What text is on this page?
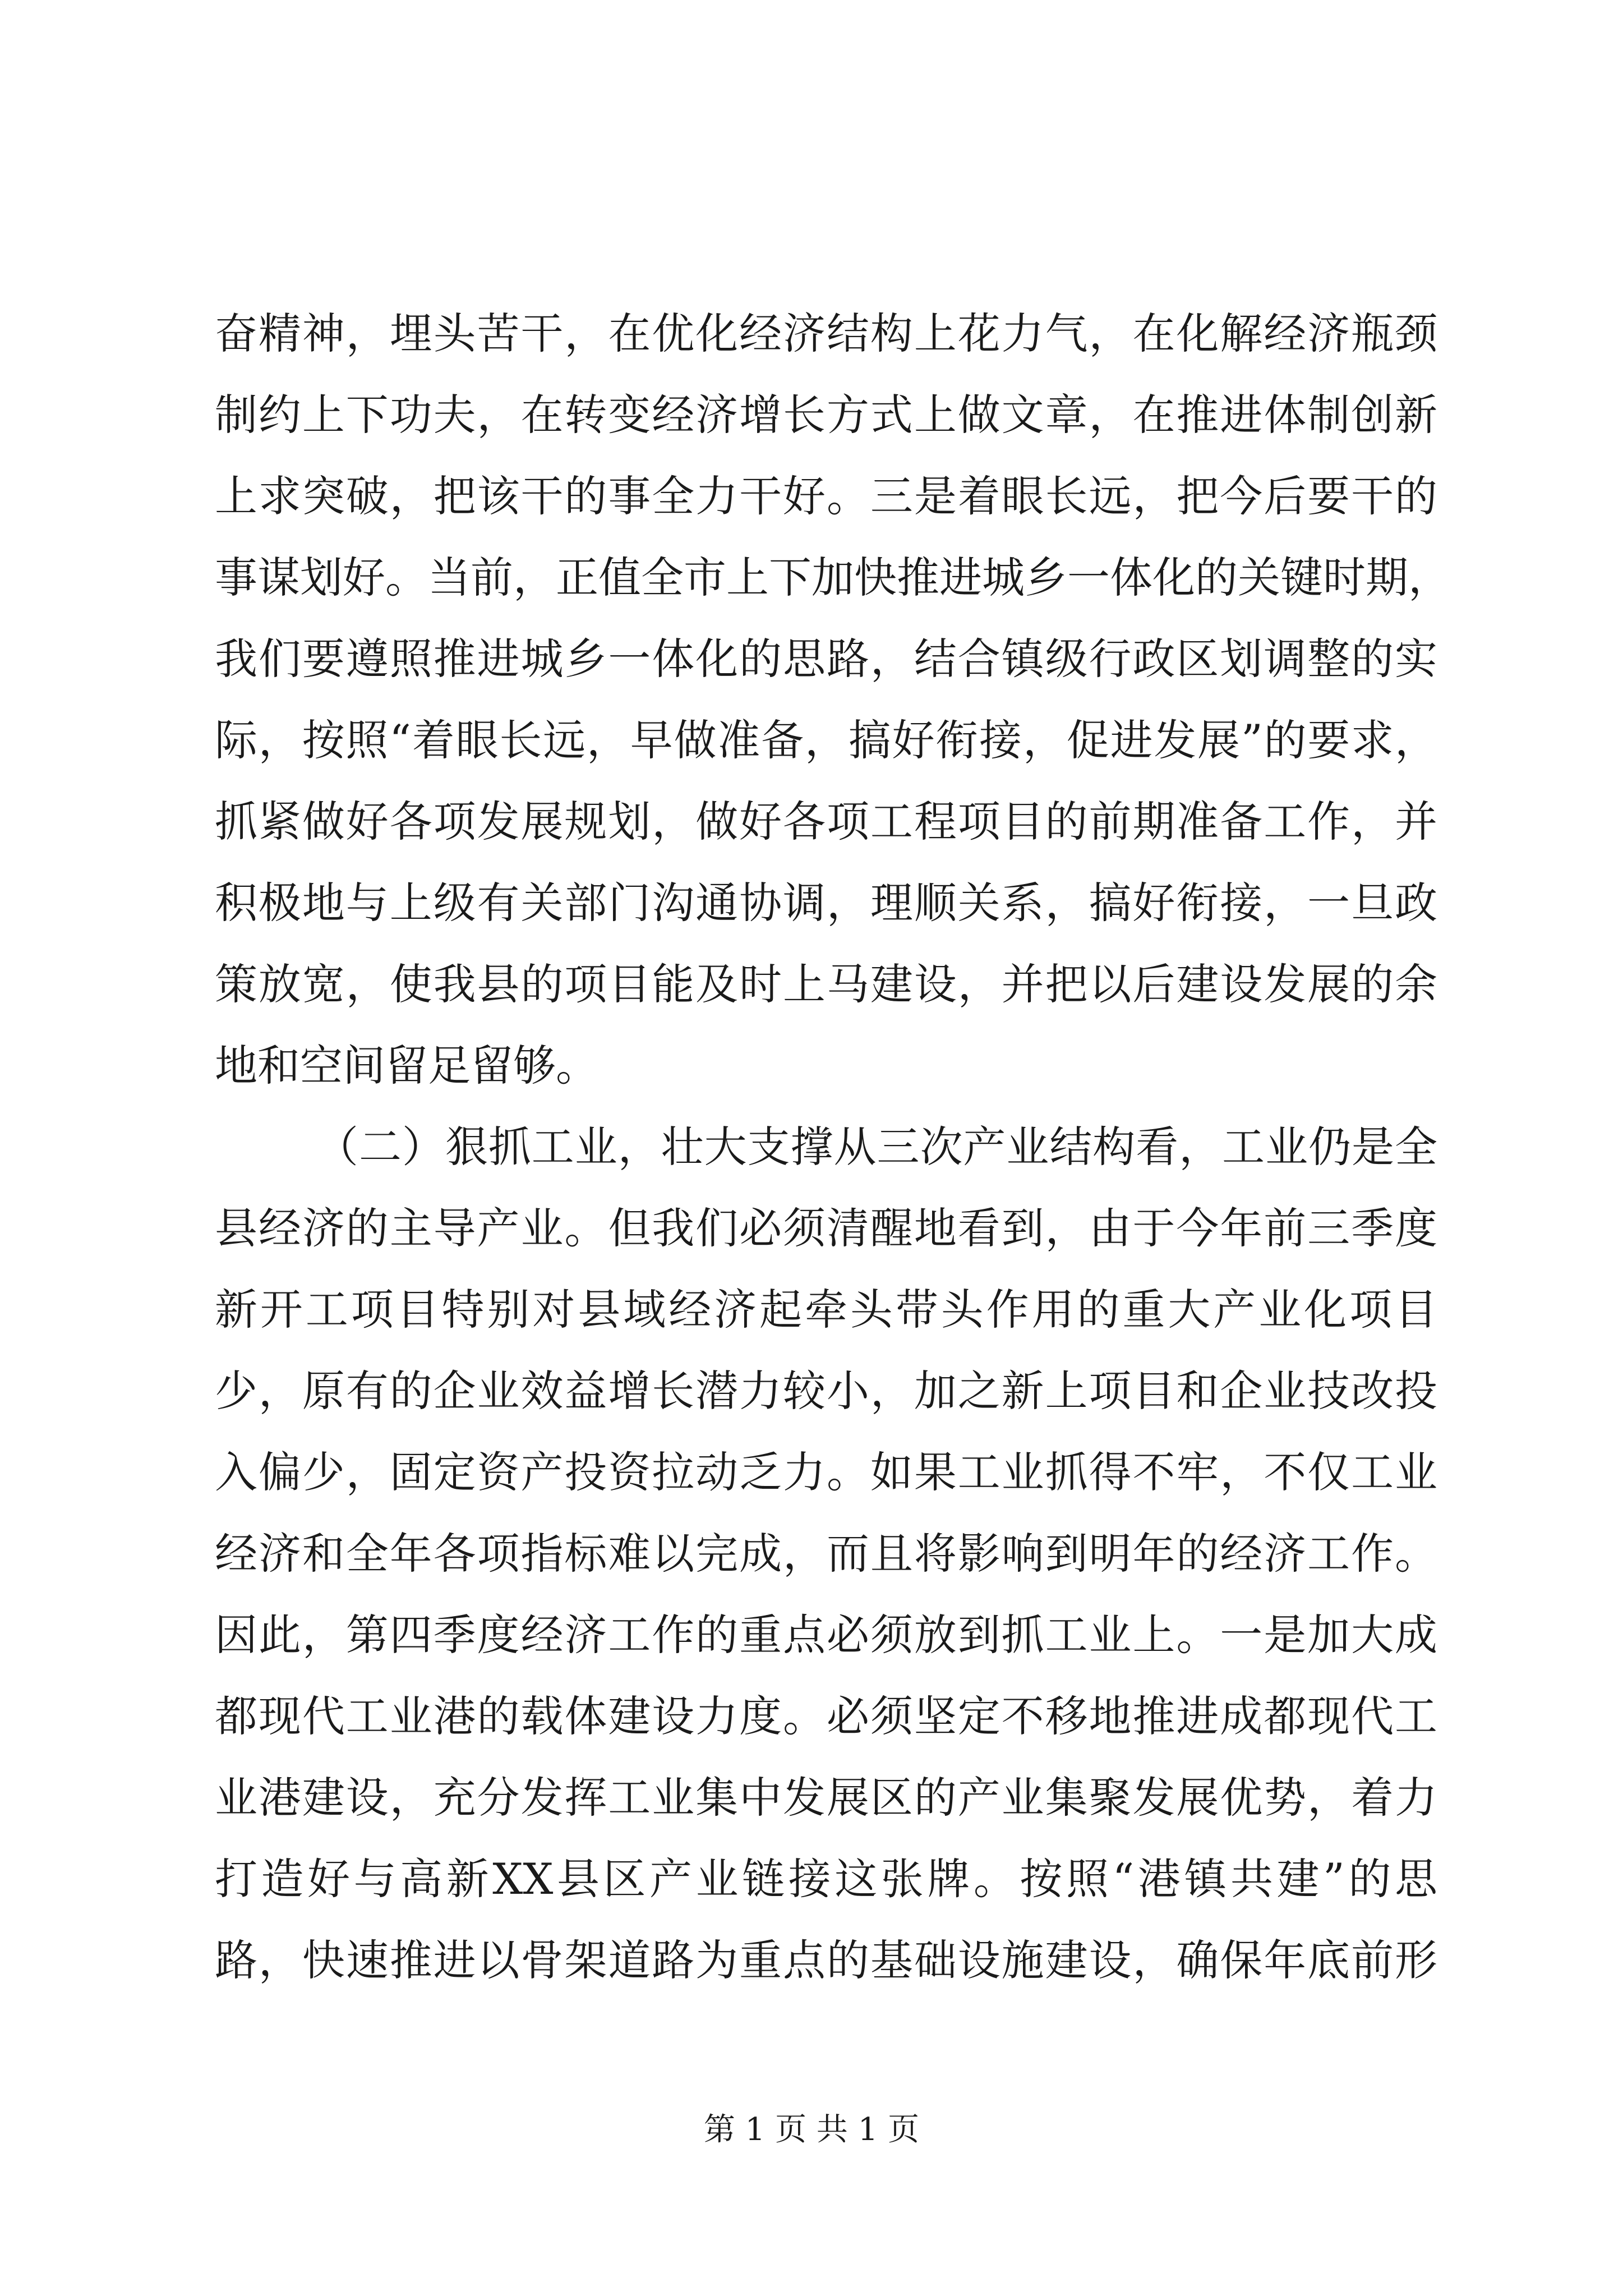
奋精神，埋头苦干，在优化经济结构上花力气，在化解经济瓶颈
制约上下功夫，在转变经济增长方式上做文章，在推进体制创新
上求突破，把该干的事全力干好。三是着眼长远，把今后要干的
事谋划好。当前，正值全市上下加快推进城乡一体化的关键时期，
我们要遵照推进城乡一体化的思路，结合镇级行政区划调整的实
际，按照“着眼长远，早做准备，搞好衔接，促进发展”的要求，
抓紧做好各项发展规划，做好各项工程项目的前期准备工作，并
积极地与上级有关部门沟通协调，理顺关系，搞好衔接，一旦政
策放宽，使我县的项目能及时上马建设，并把以后建设发展的余
地和空间留足留够。
（二）狠抓工业，壮大支撑从三次产业结构看，工业仍是全
县经济的主导产业。但我们必须清醒地看到，由于今年前三季度
新开工项目特别对县域经济起牵头带头作用的重大产业化项目
少，原有的企业效益增长潜力较小，加之新上项目和企业技改投
入偏少，固定资产投资拉动乏力。如果工业抓得不牢，不仅工业
经济和全年各项指标难以完成，而且将影响到明年的经济工作。
因此，第四季度经济工作的重点必须放到抓工业上。一是加大成
都现代工业港的载体建设力度。必须坚定不移地推进成都现代工
业港建设，充分发挥工业集中发展区的产业集聚发展优势，着力
打造好与高新XX县区产业链接这张牌。按照“港镇共建”的思
路，快速推进以骨架道路为重点的基础设施建设，确保年底前形
第 1 页 共 1 页
